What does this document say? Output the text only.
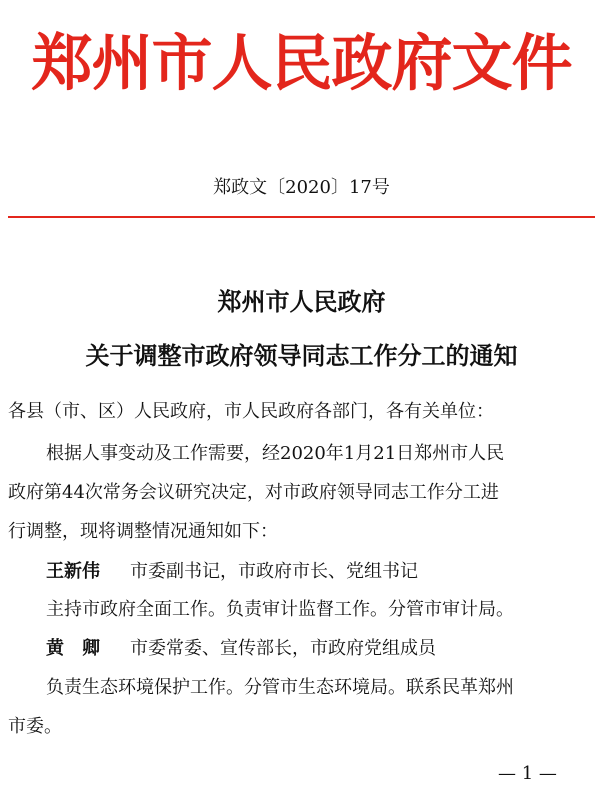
郑州市人民政府文件
郑政文〔2020〕17号
郑州市人民政府
关于调整市政府领导同志工作分工的通知
各县（市、区）人民政府，市人民政府各部门，各有关单位：
根据人事变动及工作需要，经2020年1月21日郑州市人民
政府第44次常务会议研究决定，对市政府领导同志工作分工进
行调整，现将调整情况通知如下：
王新伟 市委副书记，市政府市长、党组书记
主持市政府全面工作。负责审计监督工作。分管市审计局。
黄　卿 市委常委、宣传部长，市政府党组成员
负责生态环境保护工作。分管市生态环境局。联系民革郑州
市委。
— 1 —
